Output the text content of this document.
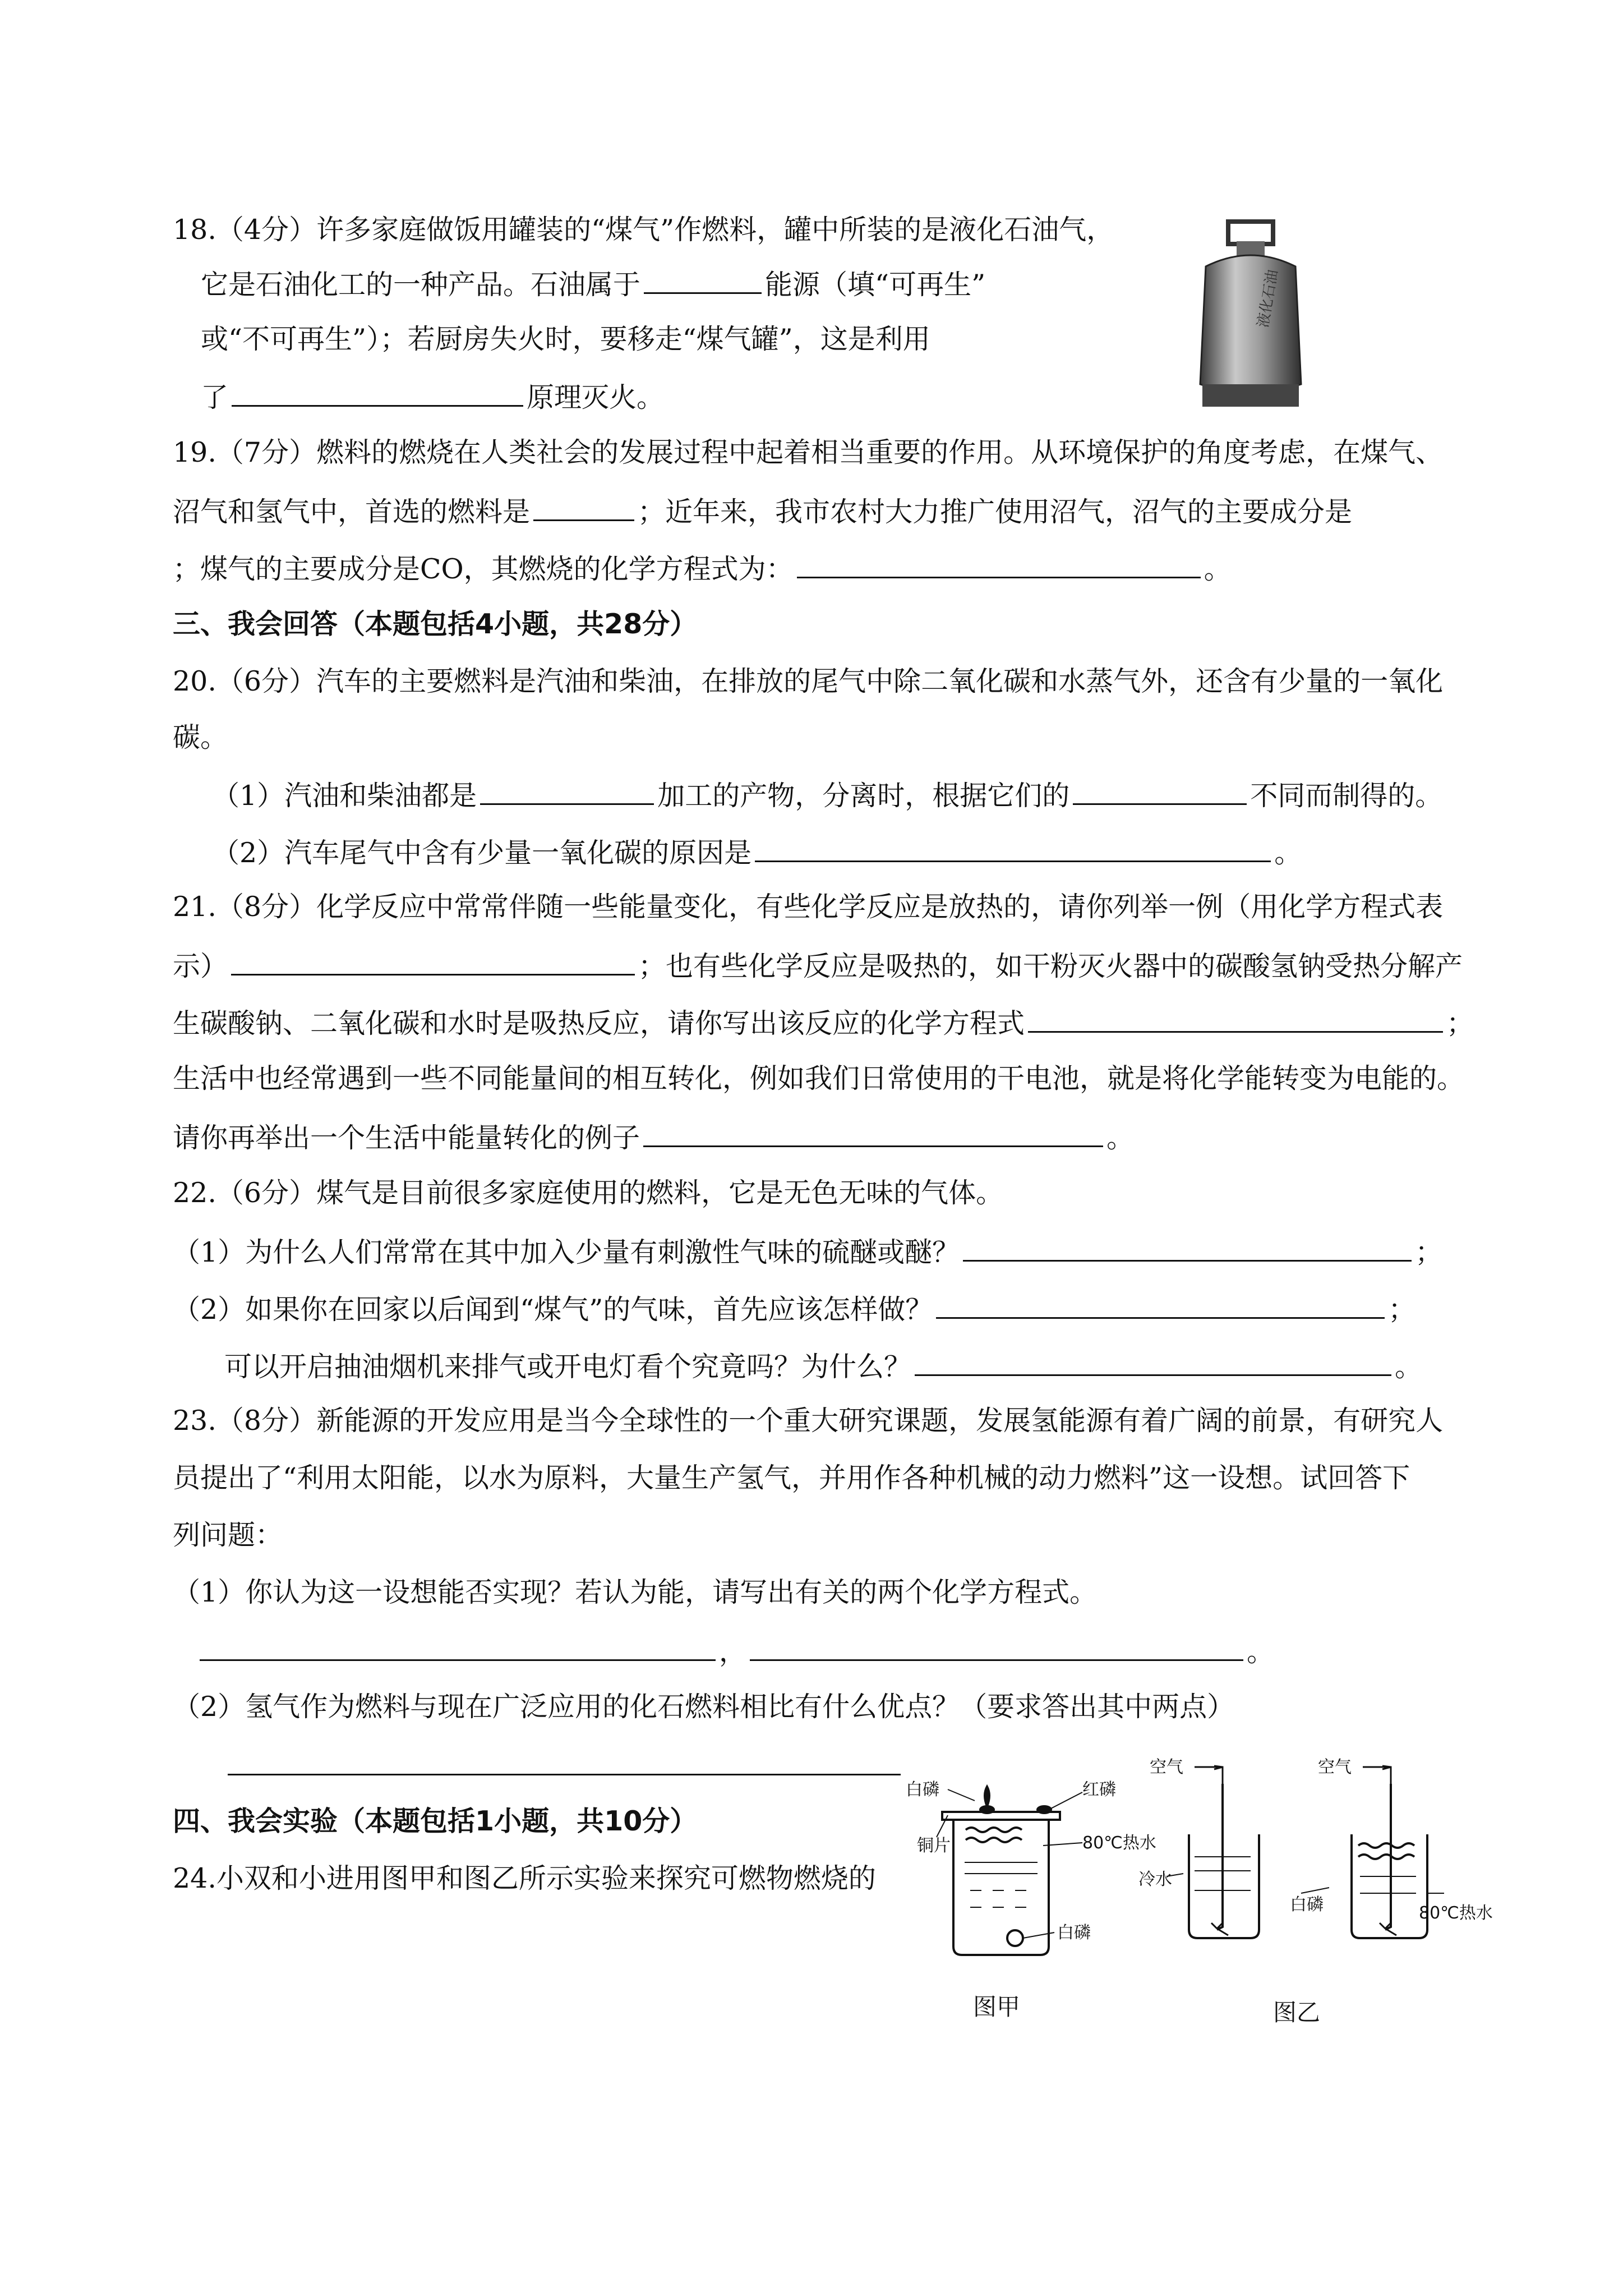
18.（4分）许多家庭做饭用罐装的“煤气”作燃料，罐中所装的是液化石油气，
它是石油化工的一种产品。石油属于	能源（填“可再生”
或“不可再生”）；若厨房失火时，要移走“煤气罐”，这是利用
了	原理灭火。
液化石油
19.（7分）燃料的燃烧在人类社会的发展过程中起着相当重要的作用。从环境保护的角度考虑，在煤气、
沼气和氢气中，首选的燃料是	；近年来，我市农村大力推广使用沼气，沼气的主要成分是
；煤气的主要成分是CO，其燃烧的化学方程式为：	。
三、我会回答（本题包括4小题，共28分）
20.（6分）汽车的主要燃料是汽油和柴油，在排放的尾气中除二氧化碳和水蒸气外，还含有少量的一氧化
碳。
（1）汽油和柴油都是	加工的产物，分离时，根据它们的	不同而制得的。
（2）汽车尾气中含有少量一氧化碳的原因是	。
21.（8分）化学反应中常常伴随一些能量变化，有些化学反应是放热的，请你列举一例（用化学方程式表
示）	；也有些化学反应是吸热的，如干粉灭火器中的碳酸氢钠受热分解产
生碳酸钠、二氧化碳和水时是吸热反应，请你写出该反应的化学方程式	；
生活中也经常遇到一些不同能量间的相互转化，例如我们日常使用的干电池，就是将化学能转变为电能的。
请你再举出一个生活中能量转化的例子	。
22.（6分）煤气是目前很多家庭使用的燃料，它是无色无味的气体。
（1）为什么人们常常在其中加入少量有刺激性气味的硫醚或醚？	；
（2）如果你在回家以后闻到“煤气”的气味，首先应该怎样做？	；
可以开启抽油烟机来排气或开电灯看个究竟吗？为什么？	。
23.（8分）新能源的开发应用是当今全球性的一个重大研究课题，发展氢能源有着广阔的前景，有研究人
员提出了“利用太阳能，以水为原料，大量生产氢气，并用作各种机械的动力燃料”这一设想。试回答下
列问题：
（1）你认为这一设想能否实现？若认为能，请写出有关的两个化学方程式。
，	。
（2）氢气作为燃料与现在广泛应用的化石燃料相比有什么优点？（要求答出其中两点）
四、我会实验（本题包括1小题，共10分）
24.小双和小进用图甲和图乙所示实验来探究可燃物燃烧的
白磷	红磷
铜片	80℃热水
白磷
图甲
空气	空气
冷水
白磷	80℃热水
图乙
